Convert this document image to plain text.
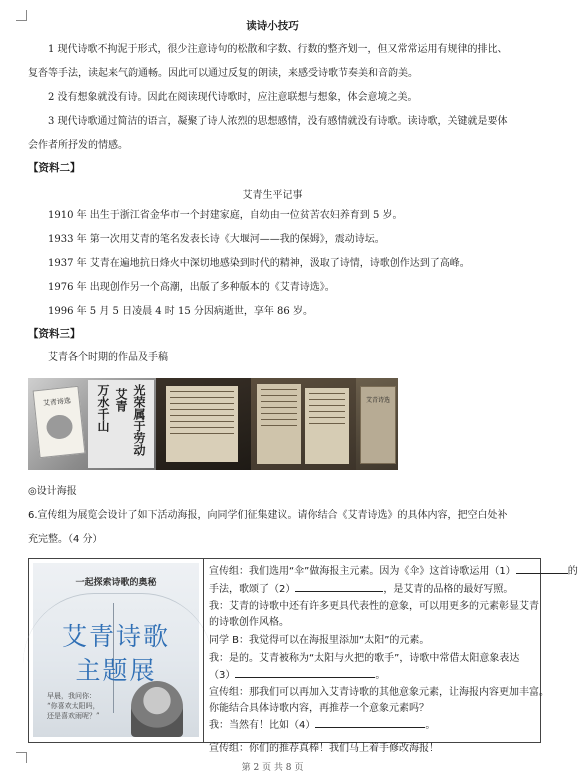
读诗小技巧
1 现代诗歌不拘泥于形式，很少注意诗句的松散和字数、行数的整齐划一，但又常常运用有规律的排比、
复沓等手法，读起来气韵通畅。因此可以通过反复的朗读，来感受诗歌节奏美和音韵美。
2 没有想象就没有诗。因此在阅读现代诗歌时，应注意联想与想象，体会意境之美。
3 现代诗歌通过简洁的语言，凝聚了诗人浓烈的思想感情，没有感情就没有诗歌。读诗歌，关键就是要体
会作者所抒发的情感。
【资料二】
艾青生平记事
1910 年 出生于浙江省金华市一个封建家庭，自幼由一位贫苦农妇养育到 5 岁。
1933 年 第一次用艾青的笔名发表长诗《大堰河——我的保姆》，震动诗坛。
1937 年 艾青在遍地抗日烽火中深切地感染到时代的精神，汲取了诗情，诗歌创作达到了高峰。
1976 年 出现创作另一个高潮，出版了多种版本的《艾青诗选》。
1996 年 5 月 5 日凌晨 4 时 15 分因病逝世，享年 86 岁。
【资料三】
艾青各个时期的作品及手稿
艾青诗选	光荣属于劳动
艾青
万水千山	艾青诗选
◎设计海报
6.宣传组为展览会设计了如下活动海报，向同学们征集建议。请你结合《艾青诗选》的具体内容，把空白处补
充完整。（4 分）
一起探索诗歌的奥秘
艾青诗歌
主题展
早晨，我问你：
“你喜欢太阳吗，
还是喜欢雨呢？”
宣传组：我们选用“伞”做海报主元素。因为《伞》这首诗歌运用（1）	的
手法，歌颂了（2）	，是艾青的品格的最好写照。
我：艾青的诗歌中还有许多更具代表性的意象，可以用更多的元素彰显艾青
的诗歌创作风格。
同学 B：我觉得可以在海报里添加“太阳”的元素。
我：是的。艾青被称为“太阳与火把的歌手”，诗歌中常借太阳意象表达
（3）	。
宣传组：那我们可以再加入艾青诗歌的其他意象元素，让海报内容更加丰富。
你能结合具体诗歌内容，再推荐一个意象元素吗？
我：当然有！比如（4）	。
宣传组：你们的推荐真棒！我们马上着手修改海报！
第 2 页 共 8 页
